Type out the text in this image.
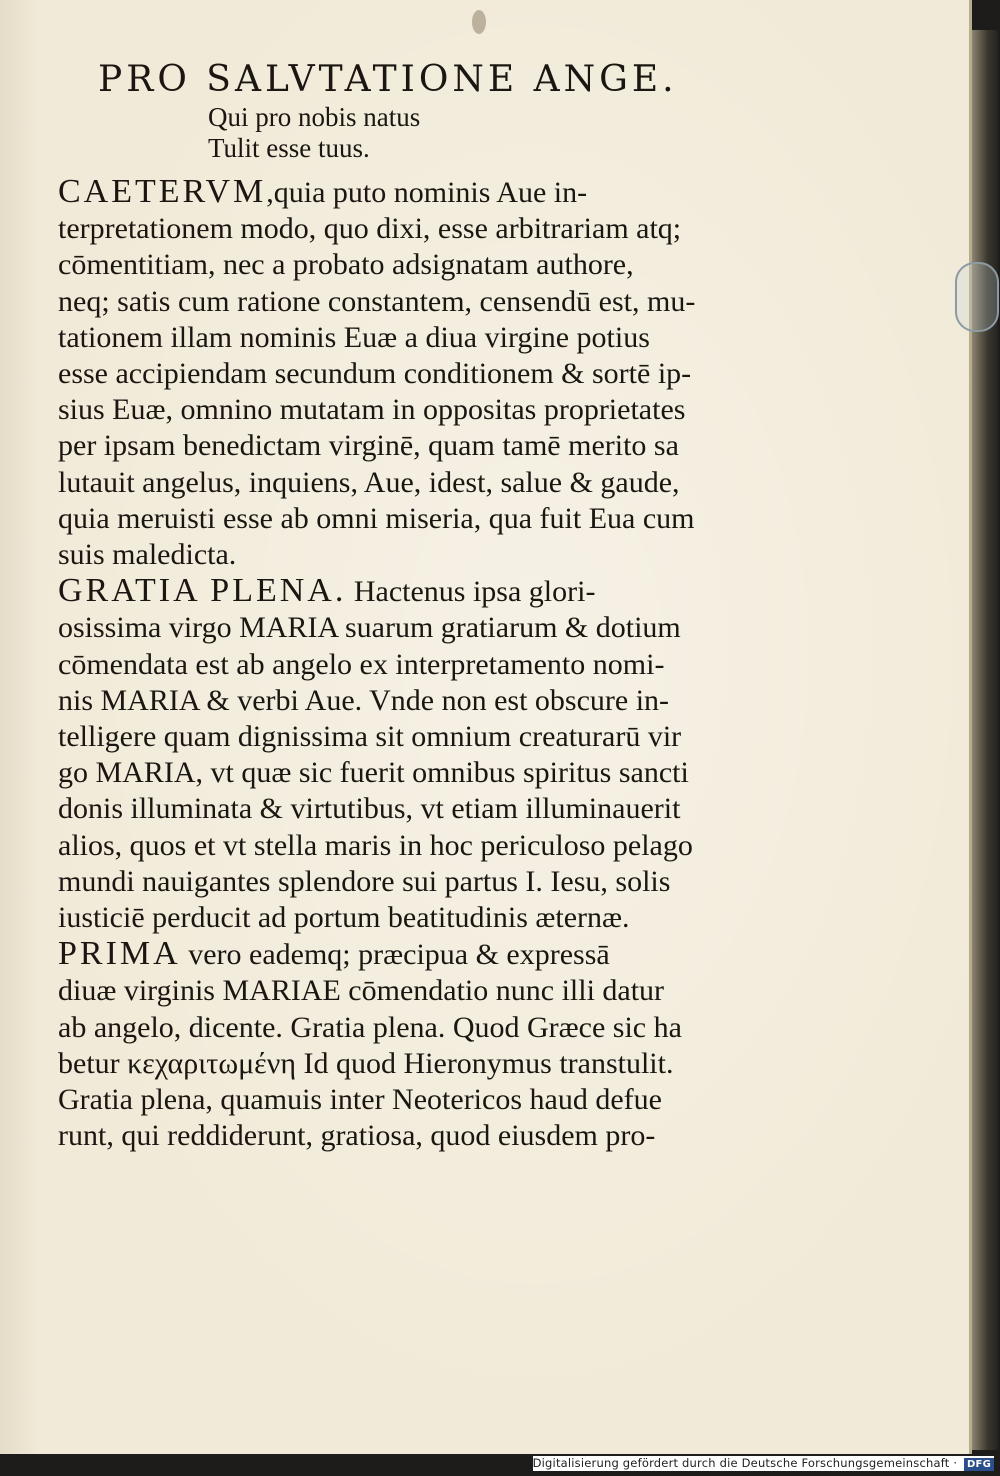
PRO SALVTATIONE ANGE.
Qui pro nobis natus
Tulit esse tuus.
CAETERVM,quia puto nominis Aue in-
terpretationem modo, quo dixi, esse arbitrariam atq;
cōmentitiam, nec a probato adsignatam authore,
neq; satis cum ratione constantem, censendū est, mu-
tationem illam nominis Euæ a diua virgine potius
esse accipiendam secundum conditionem & sortē ip-
sius Euæ, omnino mutatam in oppositas proprietates
per ipsam benedictam virginē, quam tamē merito sa
lutauit angelus, inquiens, Aue, idest, salue & gaude,
quia meruisti esse ab omni miseria, qua fuit Eua cum
suis maledicta.
GRATIA PLENA. Hactenus ipsa glori-
osissima virgo MARIA suarum gratiarum & dotium
cōmendata est ab angelo ex interpretamento nomi-
nis MARIA & verbi Aue. Vnde non est obscure in-
telligere quam dignissima sit omnium creaturarū vir
go MARIA, vt quæ sic fuerit omnibus spiritus sancti
donis illuminata & virtutibus, vt etiam illuminauerit
alios, quos et vt stella maris in hoc periculoso pelago
mundi nauigantes splendore sui partus I. Iesu, solis
iusticiē perducit ad portum beatitudinis æternæ.
PRIMA vero eademq; præcipua & expressā
diuæ virginis MARIAE cōmendatio nunc illi datur
ab angelo, dicente. Gratia plena. Quod Græce sic ha
betur κεχαριτωμένη Id quod Hieronymus transtulit.
Gratia plena, quamuis inter Neotericos haud defue
runt, qui reddiderunt, gratiosa, quod eiusdem pro-
Digitalisierung gefördert durch die Deutsche Forschungsgemeinschaft · DFG
